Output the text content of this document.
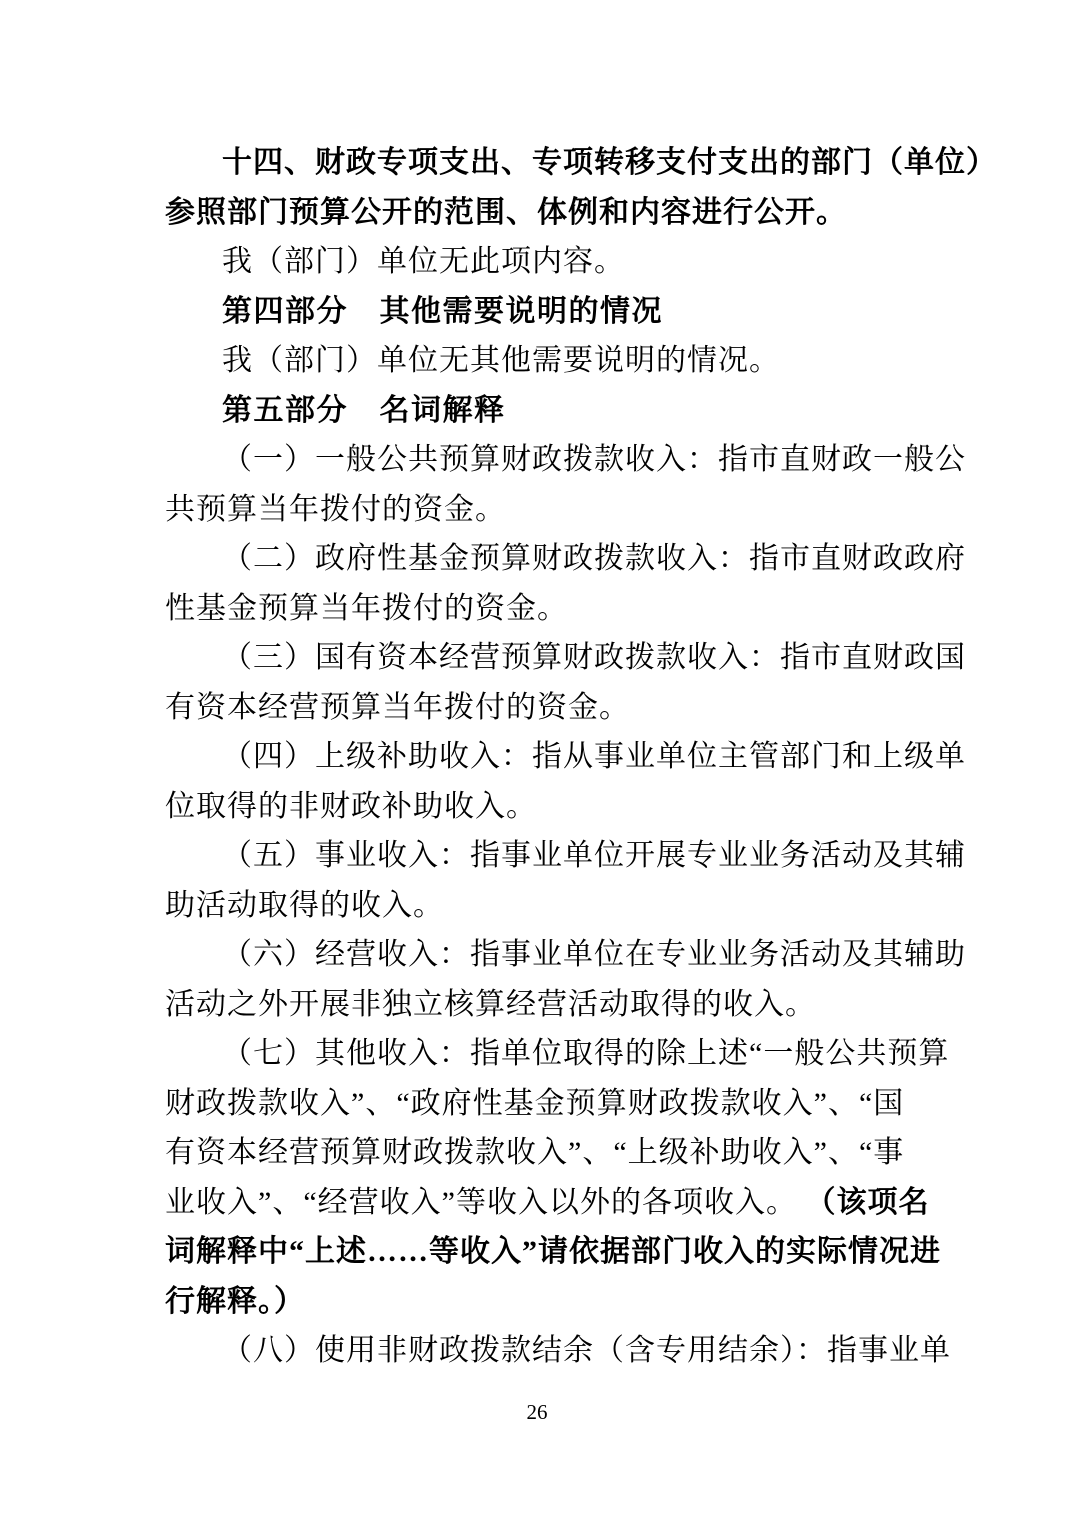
十四、财政专项支出、专项转移支付支出的部门（单位）
参照部门预算公开的范围、体例和内容进行公开。
我（部门）单位无此项内容。
第四部分　其他需要说明的情况
我（部门）单位无其他需要说明的情况。
第五部分　名词解释
（一）一般公共预算财政拨款收入：指市直财政一般公
共预算当年拨付的资金。
（二）政府性基金预算财政拨款收入：指市直财政政府
性基金预算当年拨付的资金。
（三）国有资本经营预算财政拨款收入：指市直财政国
有资本经营预算当年拨付的资金。
（四）上级补助收入：指从事业单位主管部门和上级单
位取得的非财政补助收入。
（五）事业收入：指事业单位开展专业业务活动及其辅
助活动取得的收入。
（六）经营收入：指事业单位在专业业务活动及其辅助
活动之外开展非独立核算经营活动取得的收入。
（七）其他收入：指单位取得的除上述“一般公共预算
财政拨款收入”、“政府性基金预算财政拨款收入”、“国
有资本经营预算财政拨款收入”、“上级补助收入”、“事
业收入”、“经营收入”等收入以外的各项收入。 （该项名
词解释中“上述……等收入”请依据部门收入的实际情况进
行解释。）
（八）使用非财政拨款结余（含专用结余）：指事业单
26
